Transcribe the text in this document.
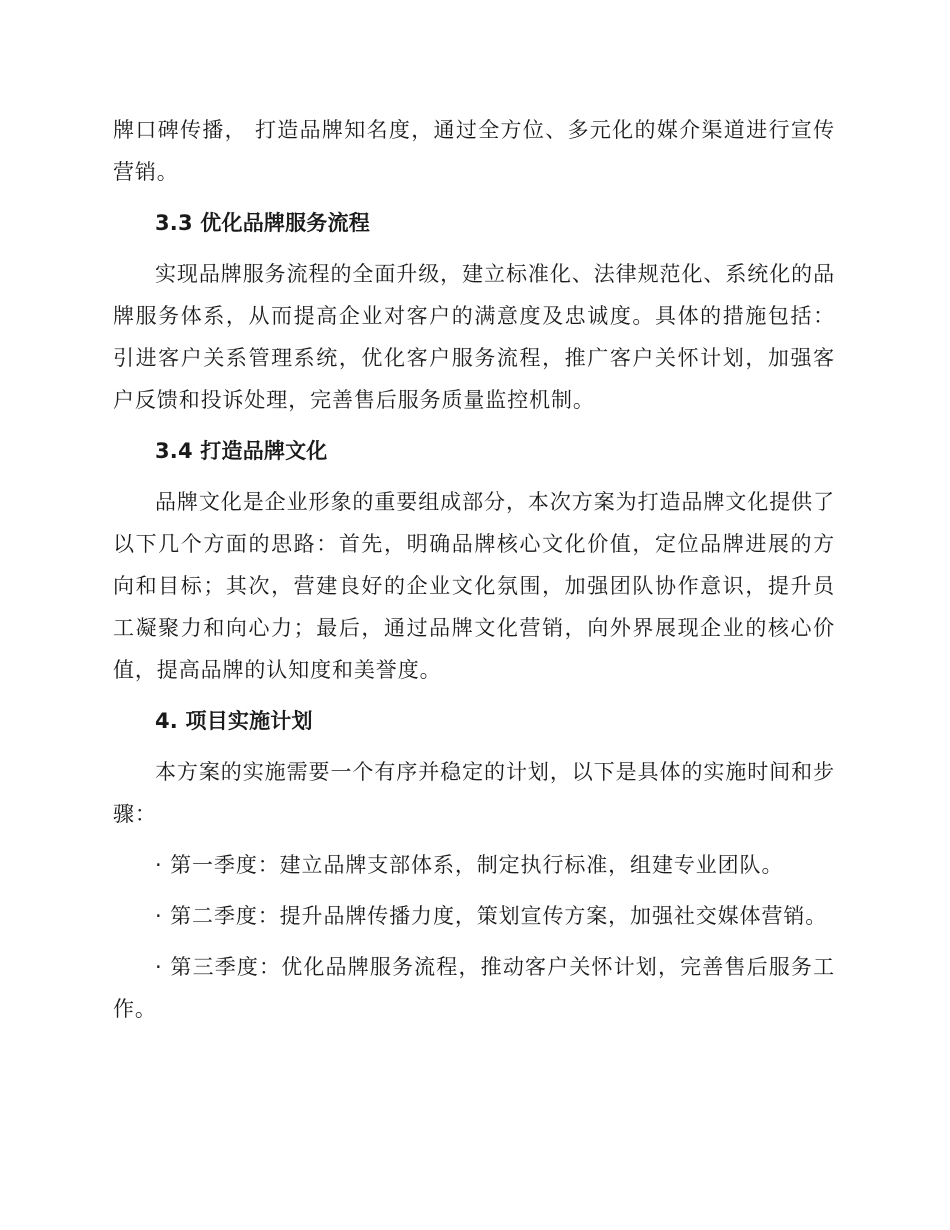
牌口碑传播， 打造品牌知名度，通过全方位、多元化的媒介渠道进行宣传营销。

3.3 优化品牌服务流程

实现品牌服务流程的全面升级，建立标准化、法律规范化、系统化的品牌服务体系，从而提高企业对客户的满意度及忠诚度。具体的措施包括：引进客户关系管理系统，优化客户服务流程，推广客户关怀计划，加强客户反馈和投诉处理，完善售后服务质量监控机制。

3.4 打造品牌文化

品牌文化是企业形象的重要组成部分，本次方案为打造品牌文化提供了以下几个方面的思路：首先，明确品牌核心文化价值，定位品牌进展的方向和目标；其次，营建良好的企业文化氛围，加强团队协作意识，提升员工凝聚力和向心力；最后，通过品牌文化营销，向外界展现企业的核心价值，提高品牌的认知度和美誉度。

4. 项目实施计划

本方案的实施需要一个有序并稳定的计划，以下是具体的实施时间和步骤：

· 第一季度：建立品牌支部体系，制定执行标准，组建专业团队。

· 第二季度：提升品牌传播力度，策划宣传方案，加强社交媒体营销。

· 第三季度：优化品牌服务流程，推动客户关怀计划，完善售后服务工作。
